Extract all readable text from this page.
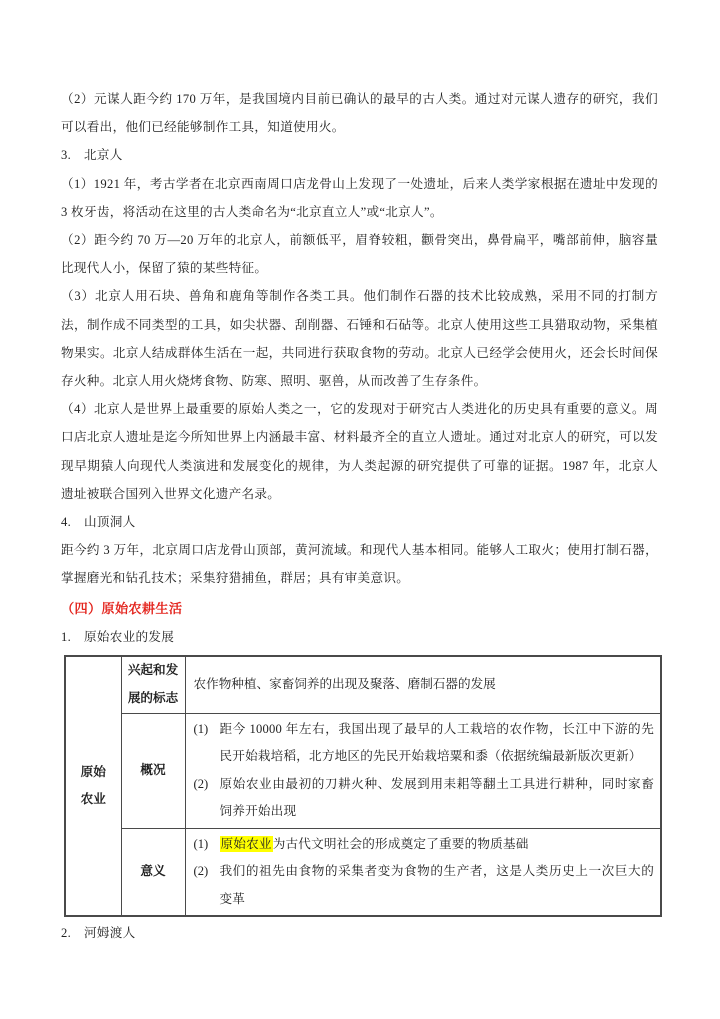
（2）元谋人距今约 170 万年，是我国境内目前已确认的最早的古人类。通过对元谋人遗存的研究，我们可以看出，他们已经能够制作工具，知道使用火。

3.　北京人

（1）1921 年，考古学者在北京西南周口店龙骨山上发现了一处遗址，后来人类学家根据在遗址中发现的 3 枚牙齿，将活动在这里的古人类命名为“北京直立人”或“北京人”。

（2）距今约 70 万—20 万年的北京人，前额低平，眉脊较粗，颧骨突出，鼻骨扁平，嘴部前伸，脑容量比现代人小，保留了猿的某些特征。

（3）北京人用石块、兽角和鹿角等制作各类工具。他们制作石器的技术比较成熟，采用不同的打制方法，制作成不同类型的工具，如尖状器、刮削器、石锤和石砧等。北京人使用这些工具猎取动物，采集植物果实。北京人结成群体生活在一起，共同进行获取食物的劳动。北京人已经学会使用火，还会长时间保存火种。北京人用火烧烤食物、防寒、照明、驱兽，从而改善了生存条件。

（4）北京人是世界上最重要的原始人类之一，它的发现对于研究古人类进化的历史具有重要的意义。周口店北京人遗址是迄今所知世界上内涵最丰富、材料最齐全的直立人遗址。通过对北京人的研究，可以发现早期猿人向现代人类演进和发展变化的规律，为人类起源的研究提供了可靠的证据。1987 年，北京人遗址被联合国列入世界文化遗产名录。

4.　山顶洞人

距今约 3 万年，北京周口店龙骨山顶部，黄河流域。和现代人基本相同。能够人工取火；使用打制石器，掌握磨光和钻孔技术；采集狩猎捕鱼，群居；具有审美意识。

（四）原始农耕生活

1.　原始农业的发展

原始农业	兴起和发展的标志	农作物种植、家畜饲养的出现及聚落、磨制石器的发展

	概况	(1) 距今 10000 年左右，我国出现了最早的人工栽培的农作物，长江中下游的先民开始栽培稻，北方地区的先民开始栽培粟和黍（依据统编最新版次更新）
(2) 原始农业由最初的刀耕火种、发展到用耒耜等翻土工具进行耕种，同时家畜饲养开始出现

	意义	(1) 原始农业为古代文明社会的形成奠定了重要的物质基础
(2) 我们的祖先由食物的采集者变为食物的生产者，这是人类历史上一次巨大的变革

2.　河姆渡人
